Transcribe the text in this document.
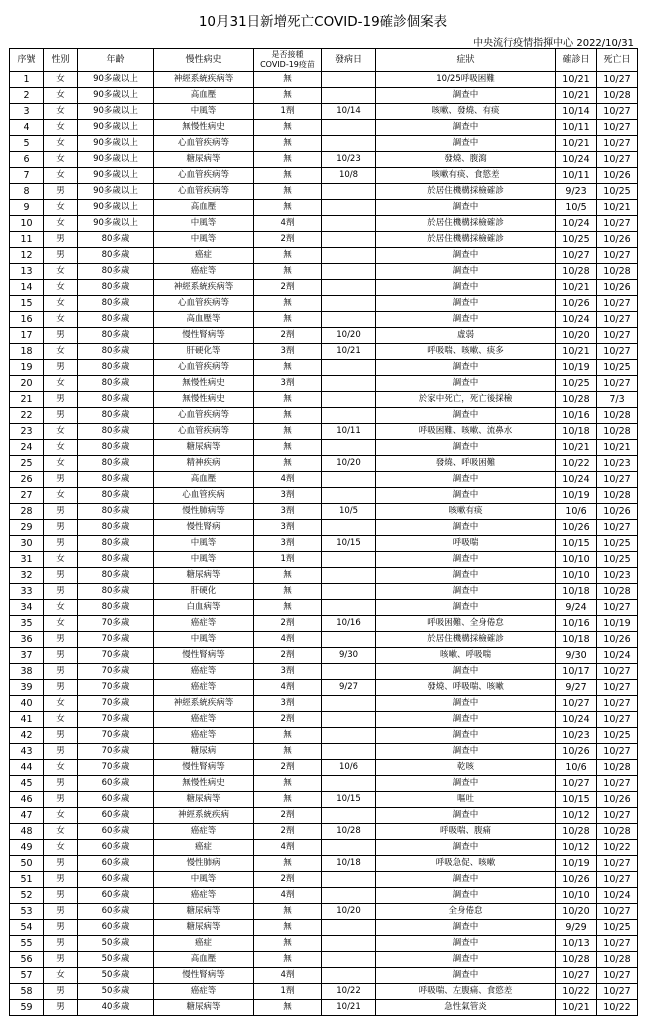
10月31日新增死亡COVID-19確診個案表
中央流行疫情指揮中心 2022/10/31
序號	性別	年齡	慢性病史	是否接種
COVID-19疫苗	發病日	症狀	確診日	死亡日
1	女	90多歲以上	神經系統疾病等	無		10/25呼吸困難	10/21	10/27
2	女	90多歲以上	高血壓	無		調查中	10/21	10/28
3	女	90多歲以上	中風等	1劑	10/14	咳嗽、發燒、有痰	10/14	10/27
4	女	90多歲以上	無慢性病史	無		調查中	10/11	10/27
5	女	90多歲以上	心血管疾病等	無		調查中	10/21	10/27
6	女	90多歲以上	糖尿病等	無	10/23	發燒、腹瀉	10/24	10/27
7	女	90多歲以上	心血管疾病等	無	10/8	咳嗽有痰、食慾差	10/11	10/26
8	男	90多歲以上	心血管疾病等	無		於居住機構採檢確診	9/23	10/25
9	女	90多歲以上	高血壓	無		調查中	10/5	10/21
10	女	90多歲以上	中風等	4劑		於居住機構採檢確診	10/24	10/27
11	男	80多歲	中風等	2劑		於居住機構採檢確診	10/25	10/26
12	男	80多歲	癌症	無		調查中	10/27	10/27
13	女	80多歲	癌症等	無		調查中	10/28	10/28
14	女	80多歲	神經系統疾病等	2劑		調查中	10/21	10/26
15	女	80多歲	心血管疾病等	無		調查中	10/26	10/27
16	女	80多歲	高血壓等	無		調查中	10/24	10/27
17	男	80多歲	慢性腎病等	2劑	10/20	虛弱	10/20	10/27
18	女	80多歲	肝硬化等	3劑	10/21	呼吸喘、咳嗽、痰多	10/21	10/27
19	男	80多歲	心血管疾病等	無		調查中	10/19	10/25
20	女	80多歲	無慢性病史	3劑		調查中	10/25	10/27
21	男	80多歲	無慢性病史	無		於家中死亡，死亡後採檢	10/28	7/3
22	男	80多歲	心血管疾病等	無		調查中	10/16	10/28
23	女	80多歲	心血管疾病等	無	10/11	呼吸困難、咳嗽、流鼻水	10/18	10/28
24	女	80多歲	糖尿病等	無		調查中	10/21	10/21
25	女	80多歲	精神疾病	無	10/20	發燒、呼吸困難	10/22	10/23
26	男	80多歲	高血壓	4劑		調查中	10/24	10/27
27	女	80多歲	心血管疾病	3劑		調查中	10/19	10/28
28	男	80多歲	慢性肺病等	3劑	10/5	咳嗽有痰	10/6	10/26
29	男	80多歲	慢性腎病	3劑		調查中	10/26	10/27
30	男	80多歲	中風等	3劑	10/15	呼吸喘	10/15	10/25
31	女	80多歲	中風等	1劑		調查中	10/10	10/25
32	男	80多歲	糖尿病等	無		調查中	10/10	10/23
33	男	80多歲	肝硬化	無		調查中	10/18	10/28
34	女	80多歲	白血病等	無		調查中	9/24	10/27
35	女	70多歲	癌症等	2劑	10/16	呼吸困難、全身倦怠	10/16	10/19
36	男	70多歲	中風等	4劑		於居住機構採檢確診	10/18	10/26
37	男	70多歲	慢性腎病等	2劑	9/30	咳嗽、呼吸喘	9/30	10/24
38	男	70多歲	癌症等	3劑		調查中	10/17	10/27
39	男	70多歲	癌症等	4劑	9/27	發燒、呼吸喘、咳嗽	9/27	10/27
40	女	70多歲	神經系統疾病等	3劑		調查中	10/27	10/27
41	女	70多歲	癌症等	2劑		調查中	10/24	10/27
42	男	70多歲	癌症等	無		調查中	10/23	10/25
43	男	70多歲	糖尿病	無		調查中	10/26	10/27
44	女	70多歲	慢性腎病等	2劑	10/6	乾咳	10/6	10/28
45	男	60多歲	無慢性病史	無		調查中	10/27	10/27
46	男	60多歲	糖尿病等	無	10/15	嘔吐	10/15	10/26
47	女	60多歲	神經系統疾病	2劑		調查中	10/12	10/27
48	女	60多歲	癌症等	2劑	10/28	呼吸喘、腹痛	10/28	10/28
49	女	60多歲	癌症	4劑		調查中	10/12	10/22
50	男	60多歲	慢性肺病	無	10/18	呼吸急促、咳嗽	10/19	10/27
51	男	60多歲	中風等	2劑		調查中	10/26	10/27
52	男	60多歲	癌症等	4劑		調查中	10/10	10/24
53	男	60多歲	糖尿病等	無	10/20	全身倦怠	10/20	10/27
54	男	60多歲	糖尿病等	無		調查中	9/29	10/25
55	男	50多歲	癌症	無		調查中	10/13	10/27
56	男	50多歲	高血壓	無		調查中	10/28	10/28
57	女	50多歲	慢性腎病等	4劑		調查中	10/27	10/27
58	男	50多歲	癌症等	1劑	10/22	呼吸喘、左腹痛、食慾差	10/22	10/27
59	男	40多歲	糖尿病等	無	10/21	急性氣管炎	10/21	10/22
